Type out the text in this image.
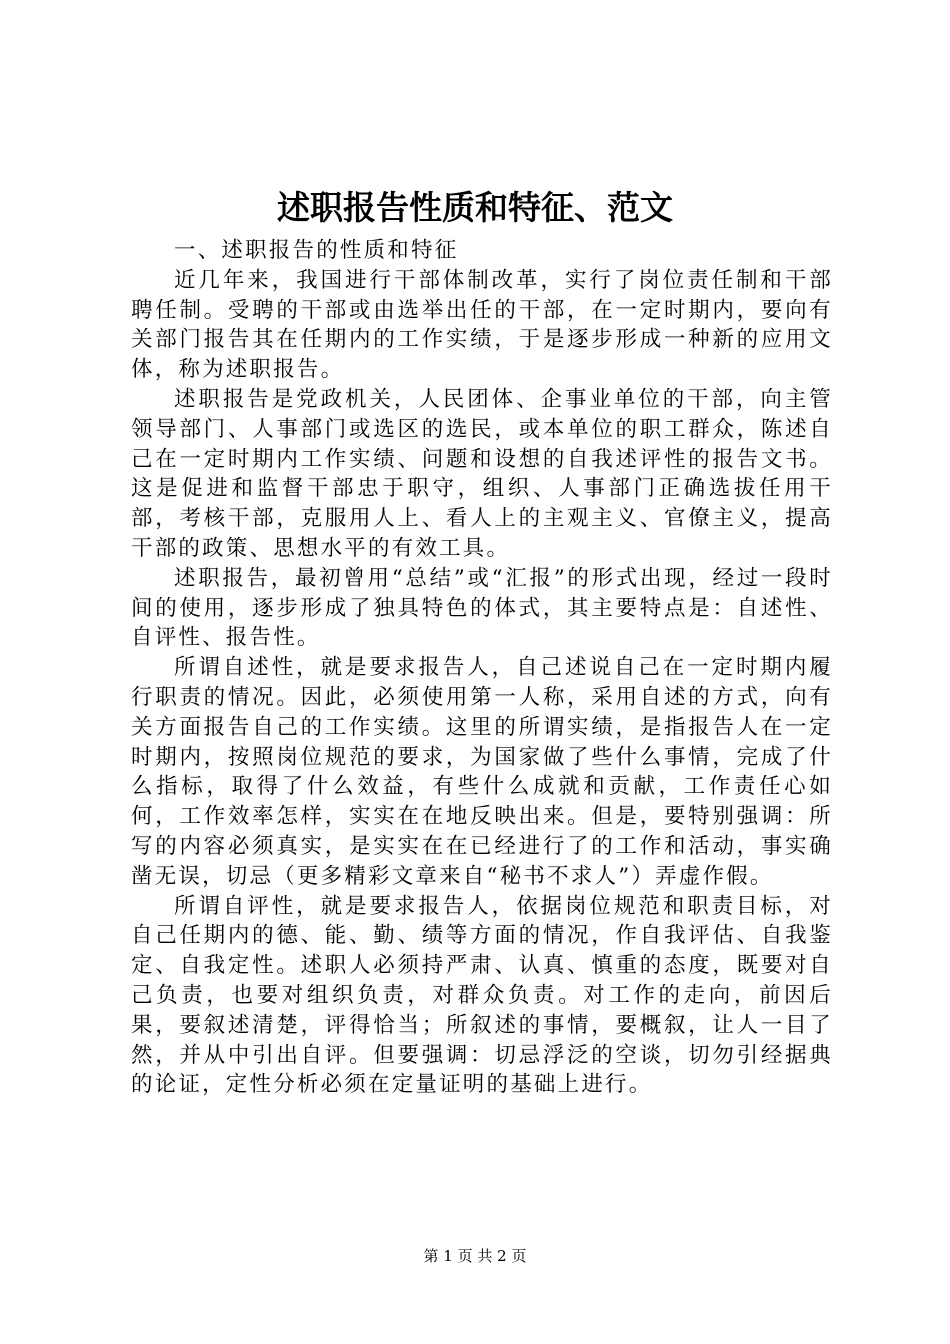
述职报告性质和特征、范文

一、述职报告的性质和特征

近几年来，我国进行干部体制改革，实行了岗位责任制和干部聘任制。受聘的干部或由选举出任的干部，在一定时期内，要向有关部门报告其在任期内的工作实绩，于是逐步形成一种新的应用文体，称为述职报告。

述职报告是党政机关，人民团体、企事业单位的干部，向主管领导部门、人事部门或选区的选民，或本单位的职工群众，陈述自己在一定时期内工作实绩、问题和设想的自我述评性的报告文书。这是促进和监督干部忠于职守，组织、人事部门正确选拔任用干部，考核干部，克服用人上、看人上的主观主义、官僚主义，提高干部的政策、思想水平的有效工具。

述职报告，最初曾用“总结”或“汇报”的形式出现，经过一段时间的使用，逐步形成了独具特色的体式，其主要特点是：自述性、自评性、报告性。

所谓自述性，就是要求报告人，自己述说自己在一定时期内履行职责的情况。因此，必须使用第一人称，采用自述的方式，向有关方面报告自己的工作实绩。这里的所谓实绩，是指报告人在一定时期内，按照岗位规范的要求，为国家做了些什么事情，完成了什么指标，取得了什么效益，有些什么成就和贡献，工作责任心如何，工作效率怎样，实实在在地反映出来。但是，要特别强调：所写的内容必须真实，是实实在在已经进行了的工作和活动，事实确凿无误，切忌（更多精彩文章来自“秘书不求人”）弄虚作假。

所谓自评性，就是要求报告人，依据岗位规范和职责目标，对自己任期内的德、能、勤、绩等方面的情况，作自我评估、自我鉴定、自我定性。述职人必须持严肃、认真、慎重的态度，既要对自己负责，也要对组织负责，对群众负责。对工作的走向，前因后果，要叙述清楚，评得恰当；所叙述的事情，要概叙，让人一目了然，并从中引出自评。但要强调：切忌浮泛的空谈，切勿引经据典的论证，定性分析必须在定量证明的基础上进行。

第 1 页 共 2 页
